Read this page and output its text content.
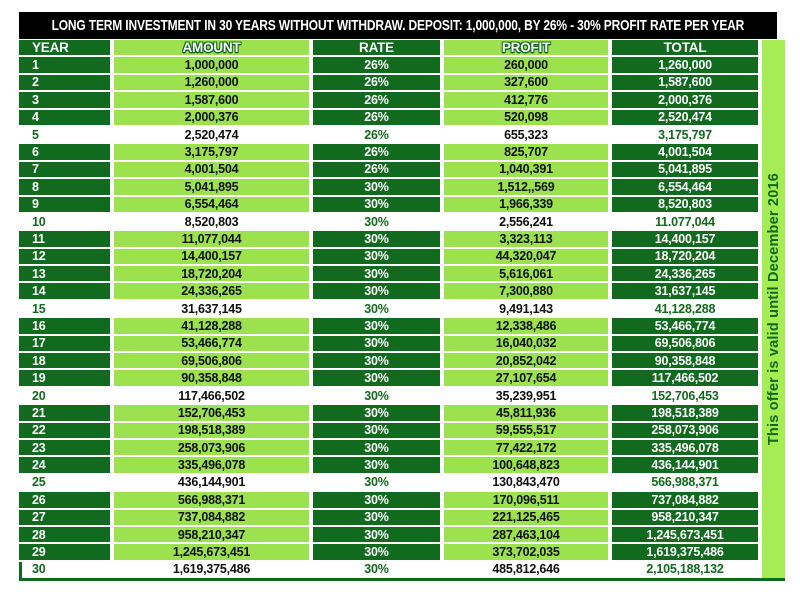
LONG TERM INVESTMENT IN 30 YEARS WITHOUT WITHDRAW. DEPOSIT: 1,000,000, BY 26% - 30% PROFIT RATE PER YEAR
YEAR	AMOUNT	RATE	PROFIT	TOTAL
1	1,000,000	26%	260,000	1,260,000
2	1,260,000	26%	327,600	1,587,600
3	1,587,600	26%	412,776	2,000,376
4	2,000,376	26%	520,098	2,520,474
5	2,520,474	26%	655,323	3,175,797
6	3,175,797	26%	825,707	4,001,504
7	4,001,504	26%	1,040,391	5,041,895
8	5,041,895	30%	1,512,,569	6,554,464
9	6,554,464	30%	1,966,339	8,520,803
10	8,520,803	30%	2,556,241	11.077,044
11	11,077,044	30%	3,323,113	14,400,157
12	14,400,157	30%	44,320,047	18,720,204
13	18,720,204	30%	5,616,061	24,336,265
14	24,336,265	30%	7,300,880	31,637,145
15	31,637,145	30%	9,491,143	41,128,288
16	41,128,288	30%	12,338,486	53,466,774
17	53,466,774	30%	16,040,032	69,506,806
18	69,506,806	30%	20,852,042	90,358,848
19	90,358,848	30%	27,107,654	117,466,502
20	117,466,502	30%	35,239,951	152,706,453
21	152,706,453	30%	45,811,936	198,518,389
22	198,518,389	30%	59,555,517	258,073,906
23	258,073,906	30%	77,422,172	335,496,078
24	335,496,078	30%	100,648,823	436,144,901
25	436,144,901	30%	130,843,470	566,988,371
26	566,988,371	30%	170,096,511	737,084,882
27	737,084,882	30%	221,125,465	958,210,347
28	958,210,347	30%	287,463,104	1,245,673,451
29	1,245,673,451	30%	373,702,035	1,619,375,486
30	1,619,375,486	30%	485,812,646	2,105,188,132
This offer is valid until December 2016
